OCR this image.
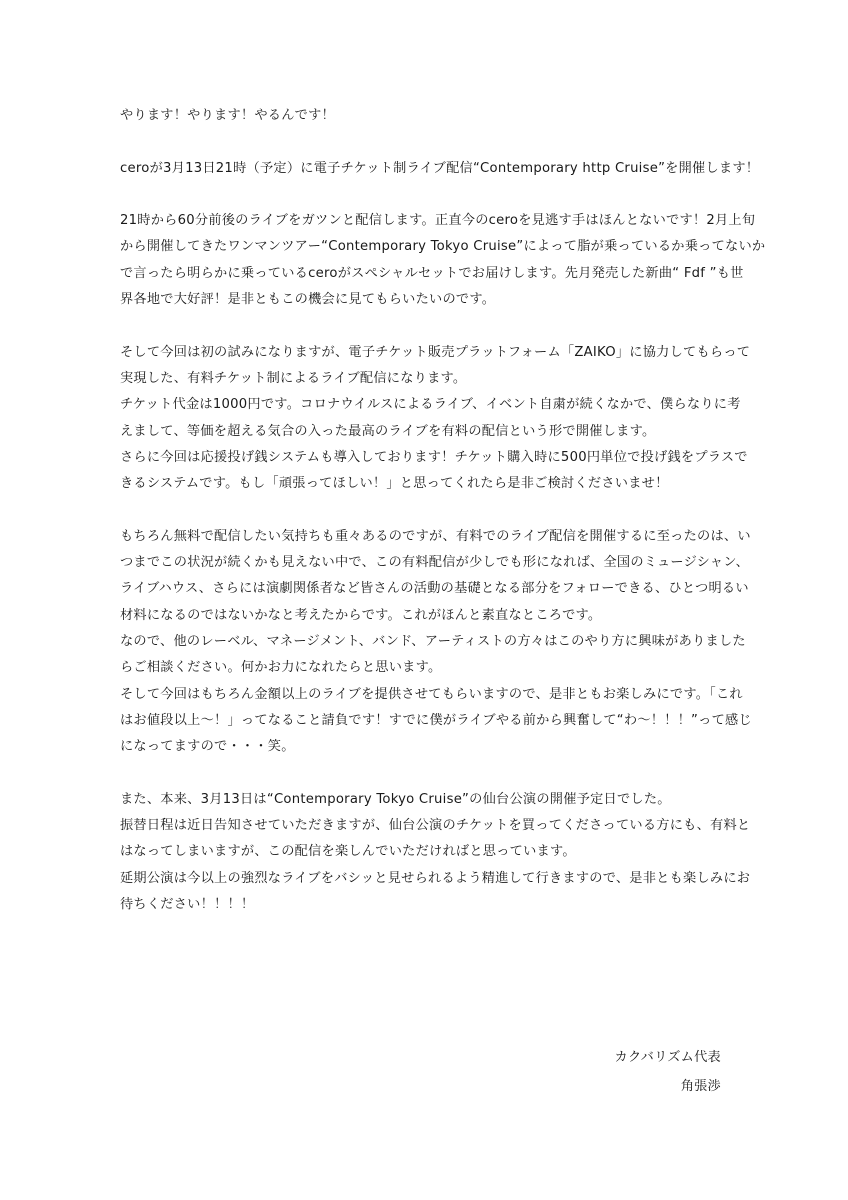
やります！やります！やるんです！

ceroが3月13日21時（予定）に電子チケット制ライブ配信“Contemporary http Cruise”を開催します！

21時から60分前後のライブをガツンと配信します。正直今のceroを見逃す手はほんとないです！2月上旬
から開催してきたワンマンツアー“Contemporary Tokyo Cruise”によって脂が乗っているか乗ってないか
で言ったら明らかに乗っているceroがスペシャルセットでお届けします。先月発売した新曲“ Fdf ”も世
界各地で大好評！是非ともこの機会に見てもらいたいのです。

そして今回は初の試みになりますが、電子チケット販売プラットフォーム「ZAIKO」に協力してもらって
実現した、有料チケット制によるライブ配信になります。
チケット代金は1000円です。コロナウイルスによるライブ、イベント自粛が続くなかで、僕らなりに考
えまして、等価を超える気合の入った最高のライブを有料の配信という形で開催します。
さらに今回は応援投げ銭システムも導入しております！チケット購入時に500円単位で投げ銭をプラスで
きるシステムです。もし「頑張ってほしい！」と思ってくれたら是非ご検討くださいませ！

もちろん無料で配信したい気持ちも重々あるのですが、有料でのライブ配信を開催するに至ったのは、い
つまでこの状況が続くかも見えない中で、この有料配信が少しでも形になれば、全国のミュージシャン、
ライブハウス、さらには演劇関係者など皆さんの活動の基礎となる部分をフォローできる、ひとつ明るい
材料になるのではないかなと考えたからです。これがほんと素直なところです。
なので、他のレーベル、マネージメント、バンド、アーティストの方々はこのやり方に興味がありました
らご相談ください。何かお力になれたらと思います。
そして今回はもちろん金額以上のライブを提供させてもらいますので、是非ともお楽しみにです。「これ
はお値段以上～！」ってなること請負です！すでに僕がライブやる前から興奮して“わ～！！！”って感じ
になってますので・・・笑。

また、本来、3月13日は“Contemporary Tokyo Cruise”の仙台公演の開催予定日でした。
振替日程は近日告知させていただきますが、仙台公演のチケットを買ってくださっている方にも、有料と
はなってしまいますが、この配信を楽しんでいただければと思っています。
延期公演は今以上の強烈なライブをバシッと見せられるよう精進して行きますので、是非とも楽しみにお
待ちください！！！！

カクバリズム代表
角張渉
